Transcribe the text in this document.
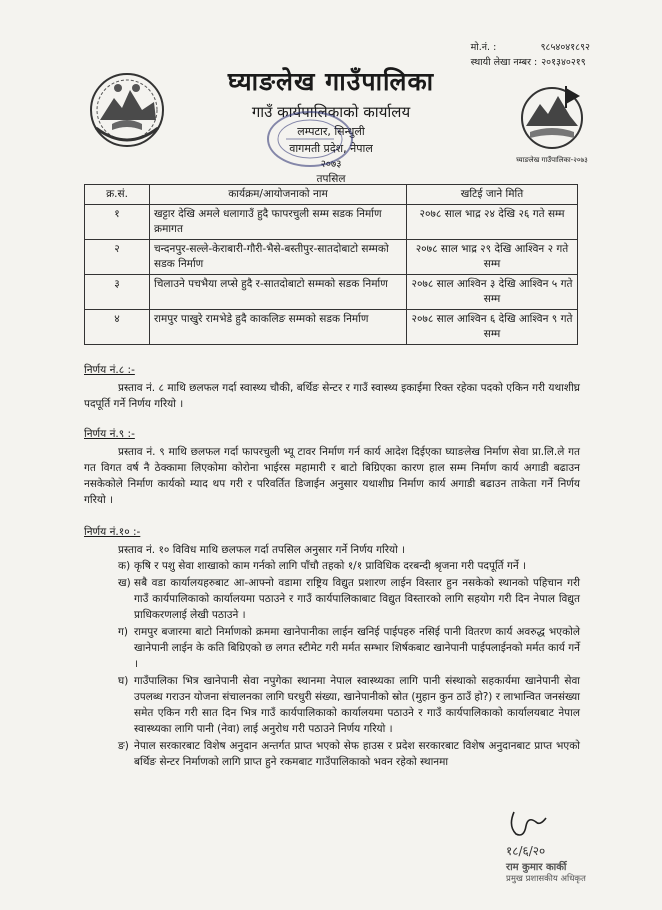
मो.नं. :	९८५४०४१८९२
स्थायी लेखा नम्बर : २०१३४०२१९
घ्याङलेख गाउँपालिका
गाउँ कार्यपालिकाको कार्यालय
लम्पटार, सिन्धुली
वागमती प्रदेश, नेपाल
२०७३	घ्याङलेख गाउँपालिका-२०७३
तपसिल
क्र.सं.	कार्यक्रम/आयोजनाको नाम	खटिई जाने मिति
१	खट्टार देखि अमले धलागाउँ हुदै फापरचुली सम्म सडक निर्माण क्रमागत	२०७८ साल भाद्र २४ देखि २६ गते सम्म
२	चन्दनपुर-सल्ले-केराबारी-गौरी-भैसे-बस्तीपुर-सातदोबाटो सम्मको सडक निर्माण	२०७८ साल भाद्र २९ देखि आश्विन २ गते सम्म
३	चिलाउने पचभैया लप्से हुदै र-सातदोबाटो सम्मको सडक निर्माण	२०७८ साल आश्विन ३ देखि आश्विन ५ गते सम्म
४	रामपुर पाखुरे रामभेडे हुदै काकलिङ सम्मको सडक निर्माण	२०७८ साल आश्विन ६ देखि आश्विन ९ गते सम्म
निर्णय नं.८ :-
प्रस्ताव नं. ८ माथि छलफल गर्दा स्वास्थ्य चौकी, बर्थिङ सेन्टर र गाउँ स्वास्थ्य इकाईमा रिक्त रहेका पदको एकिन गरी यथाशीघ्र पदपूर्ति गर्ने निर्णय गरियो ।
निर्णय नं.९ :-
प्रस्ताव नं. ९ माथि छलफल गर्दा फापरचुली भ्यू टावर निर्माण गर्न कार्य आदेश दिईएका घ्याङलेख निर्माण सेवा प्रा.लि.ले गत गत विगत वर्ष नै ठेक्कामा लिएकोमा कोरोना भाईरस महामारी र बाटो बिग्रिएका कारण हाल सम्म निर्माण कार्य अगाडी बढाउन नसकेकोले निर्माण कार्यको म्याद थप गरी र परिवर्तित डिजाईन अनुसार यथाशीघ्र निर्माण कार्य अगाडी बढाउन ताकेता गर्ने निर्णय गरियो ।
निर्णय नं.१० :-
प्रस्ताव नं. १० विविध माथि छलफल गर्दा तपसिल अनुसार गर्ने निर्णय गरियो ।
क) कृषि र पशु सेवा शाखाको काम गर्नको लागि पाँचौ तहको १/१ प्राविधिक दरबन्दी श्रृजना गरी पदपूर्ति गर्ने ।
ख) सबै वडा कार्यालयहरुबाट आ-आफ्नो वडामा राष्ट्रिय विद्युत प्रशारण लाईन विस्तार हुन नसकेको स्थानको पहिचान गरी गाउँ कार्यपालिकाको कार्यालयमा पठाउने र गाउँ कार्यपालिकाबाट विद्युत विस्तारको लागि सहयोग गरी दिन नेपाल विद्युत प्राधिकरणलाई लेखी पठाउने ।
ग) रामपुर बजारमा बाटो निर्माणको क्रममा खानेपानीका लाईन खनिई पाईपहरु नसिई पानी वितरण कार्य अवरुद्ध भएकोले खानेपानी लाईन के कति बिग्रिएको छ लगत स्टीमेट गरी मर्मत सम्भार शिर्षकबाट खानेपानी पाईपलाईनको मर्मत कार्य गर्ने ।
घ) गाउँपालिका भित्र खानेपानी सेवा नपुगेका स्थानमा नेपाल स्वास्थ्यका लागि पानी संस्थाको सहकार्यमा खानेपानी सेवा उपलब्ध गराउन योजना संचालनका लागि घरधुरी संख्या, खानेपानीको स्रोत (मुहान कुन ठाउँ हो?) र लाभान्वित जनसंख्या समेत एकिन गरी सात दिन भित्र गाउँ कार्यपालिकाको कार्यालयमा पठाउने र गाउँ कार्यपालिकाको कार्यालयबाट नेपाल स्वास्थ्यका लागि पानी (नेवा) लाई अनुरोध गरी पठाउने निर्णय गरियो ।
ङ) नेपाल सरकारबाट विशेष अनुदान अन्तर्गत प्राप्त भएको सेफ हाउस र प्रदेश सरकारबाट विशेष अनुदानबाट प्राप्त भएको बर्थिङ सेन्टर निर्माणको लागि प्राप्त हुने रकमबाट गाउँपालिकाको भवन रहेको स्थानमा
१८/६/२०
राम कुमार कार्की
प्रमुख प्रशासकीय अधिकृत
